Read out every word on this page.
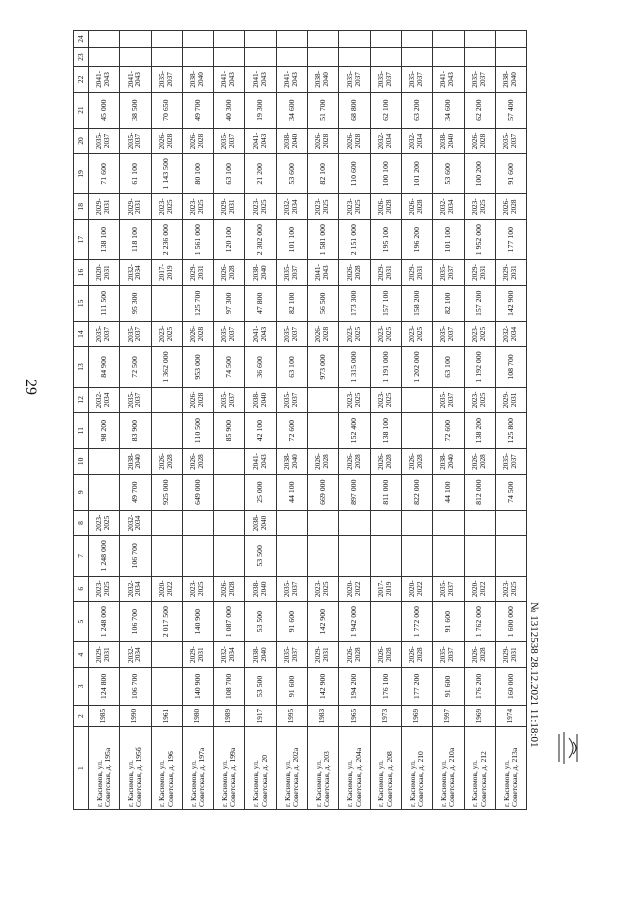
29
1	2	3	4	5	6	7	8	9	10	11	12	13	14	15	16	17	18	19	20	21	22	23	24
г. Касимов, ул. Советская, д. 195а	1985	124 800	2029-2031	1 248 000	2023-2025	1 248 000	2023-2025			98 200	2032-2034	84 900	2035-2037	111 500	2020-2031	138 100	2029-2031	71 600	2035-2037	45 000	2041-2043		
г. Касимов, ул. Советская, д. 195б	1990	106 700	2032-2034	106 700	2032-2034	106 700	2032-2034	49 700	2038-2040	83 900	2035-2037	72 500	2035-2037	95 300	2032-2034	118 100	2029-2031	61 100	2035-2037	38 500	2041-2043		
г. Касимов, ул. Советская, д. 196	1961			2 017 500	2020-2022			925 000	2026-2028			1 362 000	2023-2025		2017-2019	2 236 000	2023-2025	1 143 500	2026-2028	70 650	2035-2037		
г. Касимов, ул. Советская, д. 197а	1980	140 900	2029-2031	140 900	2023-2025			649 000	2026-2028	110 500	2026-2028	953 000	2026-2028	125 700	2029-2031	1 561 000	2023-2025	80 100	2026-2028	49 700	2038-2040		
г. Касимов, ул. Советская, д. 199а	1989	108 700	2032-2034	1 087 000	2026-2028					85 900	2035-2037	74 500	2035-2037	97 300	2026-2028	120 100	2029-2031	63 100	2035-2037	40 300	2041-2043		
г. Касимов, ул. Советская, д. 20	1917	53 500	2038-2040	53 500	2038-2040	53 500	2038-2040	25 000	2041-2043	42 100	2038-2040	36 600	2041-2043	47 800	2038-2040	2 302 000	2023-2025	21 200	2041-2043	19 300	2041-2043		
г. Касимов, ул. Советская, д. 202а	1995	91 600	2035-2037	91 600	2035-2037			44 100	2038-2040	72 600	2035-2037	63 100	2035-2037	82 100	2035-2037	101 100	2032-2034	53 600	2038-2040	34 600	2041-2043		
г. Касимов, ул. Советская, д. 203	1983	142 900	2029-2031	142 900	2023-2025			669 000	2026-2028			973 000	2026-2028	56 500	2041-2043	1 581 000	2023-2025	82 100	2026-2028	51 700	2038-2040		
г. Касимов, ул. Советская, д. 204а	1965	194 200	2026-2028	1 942 000	2020-2022			897 000	2026-2028	152 400	2023-2025	1 315 000	2023-2025	173 300	2026-2028	2 151 000	2023-2025	110 600	2026-2028	68 800	2035-2037		
г. Касимов, ул. Советская, д. 208	1973	176 100	2026-2028		2017-2019			811 000	2026-2028	138 100	2023-2025	1 191 000	2023-2025	157 100	2029-2031	195 100	2026-2028	100 100	2032-2034	62 100	2035-2037		
г. Касимов, ул. Советская, д. 210	1969	177 200	2026-2028	1 772 000	2020-2022			822 000	2026-2028			1 202 000	2023-2025	158 200	2029-2031	196 200	2026-2028	101 200	2032-2034	63 200	2035-2037		
г. Касимов, ул. Советская, д. 210а	1997	91 600	2035-2037	91 600	2035-2037			44 100	2038-2040	72 600	2035-2037	63 100	2035-2037	82 100	2035-2037	101 100	2032-2034	53 600	2038-2040	34 600	2041-2043		
г. Касимов, ул. Советская, д. 212	1969	176 200	2026-2028	1 762 000	2020-2022			812 000	2026-2028	138 200	2023-2025	1 192 000	2023-2025	157 200	2029-2031	1 952 000	2023-2025	100 200	2026-2028	62 200	2035-2037		
г. Касимов, ул. Советская, д. 213а	1974	160 000	2029-2031	1 600 000	2023-2025			74 500	2035-2037	125 800	2029-2031	108 700	2032-2034	142 900	2029-2031	177 100	2026-2028	91 600	2035-2037	57 400	2038-2040		
№ 1312538 28.12.2021 11:18:01
